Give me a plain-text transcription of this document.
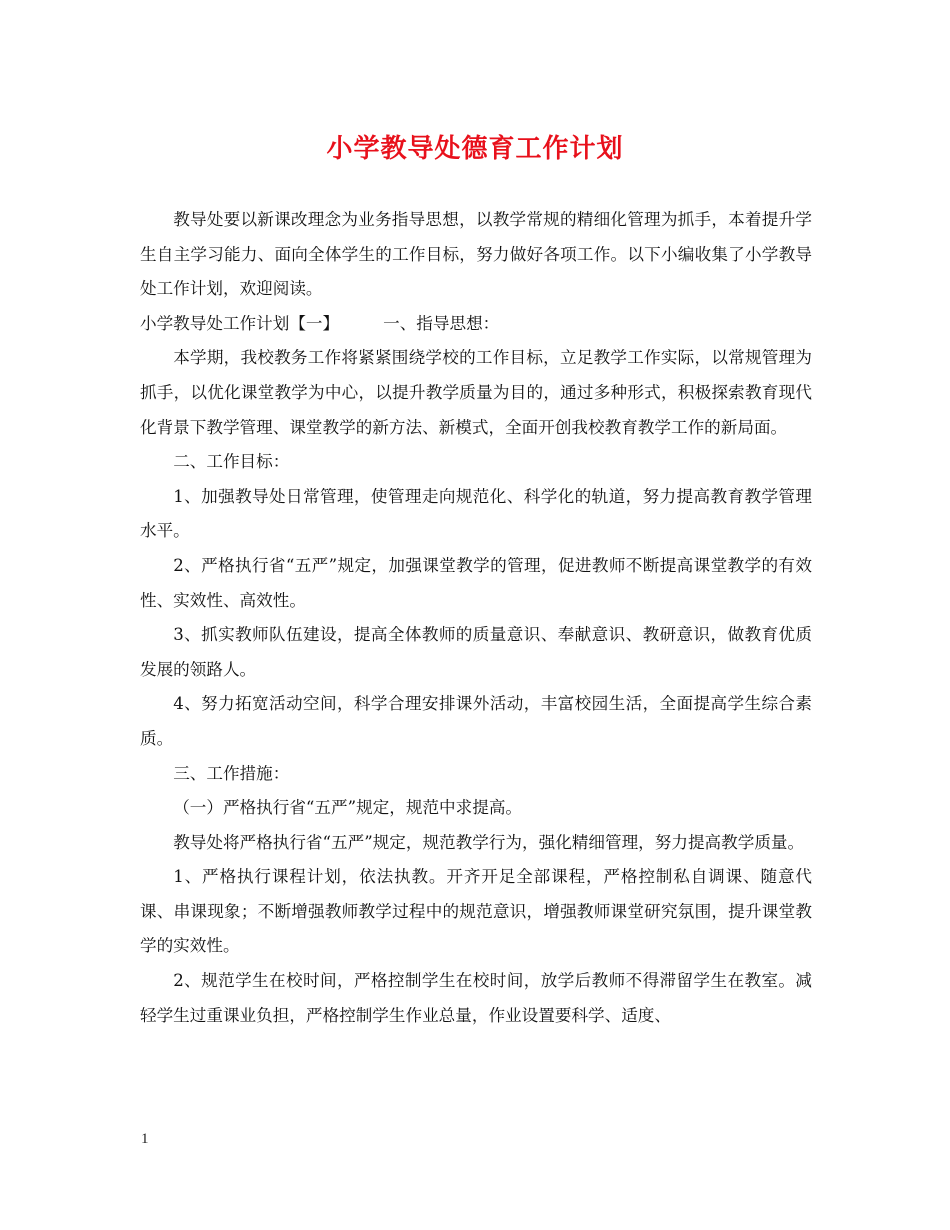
小学教导处德育工作计划

教导处要以新课改理念为业务指导思想，以教学常规的精细化管理为抓手，本着提升学生自主学习能力、面向全体学生的工作目标，努力做好各项工作。以下小编收集了小学教导处工作计划，欢迎阅读。

小学教导处工作计划【一】	一、指导思想：

本学期，我校教务工作将紧紧围绕学校的工作目标，立足教学工作实际，以常规管理为抓手，以优化课堂教学为中心，以提升教学质量为目的，通过多种形式，积极探索教育现代化背景下教学管理、课堂教学的新方法、新模式，全面开创我校教育教学工作的新局面。

二、工作目标：

1、加强教导处日常管理，使管理走向规范化、科学化的轨道，努力提高教育教学管理水平。

2、严格执行省“五严”规定，加强课堂教学的管理，促进教师不断提高课堂教学的有效性、实效性、高效性。

3、抓实教师队伍建设，提高全体教师的质量意识、奉献意识、教研意识，做教育优质发展的领路人。

4、努力拓宽活动空间，科学合理安排课外活动，丰富校园生活，全面提高学生综合素质。

三、工作措施：

（一）严格执行省“五严”规定，规范中求提高。

教导处将严格执行省“五严”规定，规范教学行为，强化精细管理，努力提高教学质量。

1、严格执行课程计划，依法执教。开齐开足全部课程，严格控制私自调课、随意代课、串课现象；不断增强教师教学过程中的规范意识，增强教师课堂研究氛围，提升课堂教学的实效性。

2、规范学生在校时间，严格控制学生在校时间，放学后教师不得滞留学生在教室。减轻学生过重课业负担，严格控制学生作业总量，作业设置要科学、适度、

1
